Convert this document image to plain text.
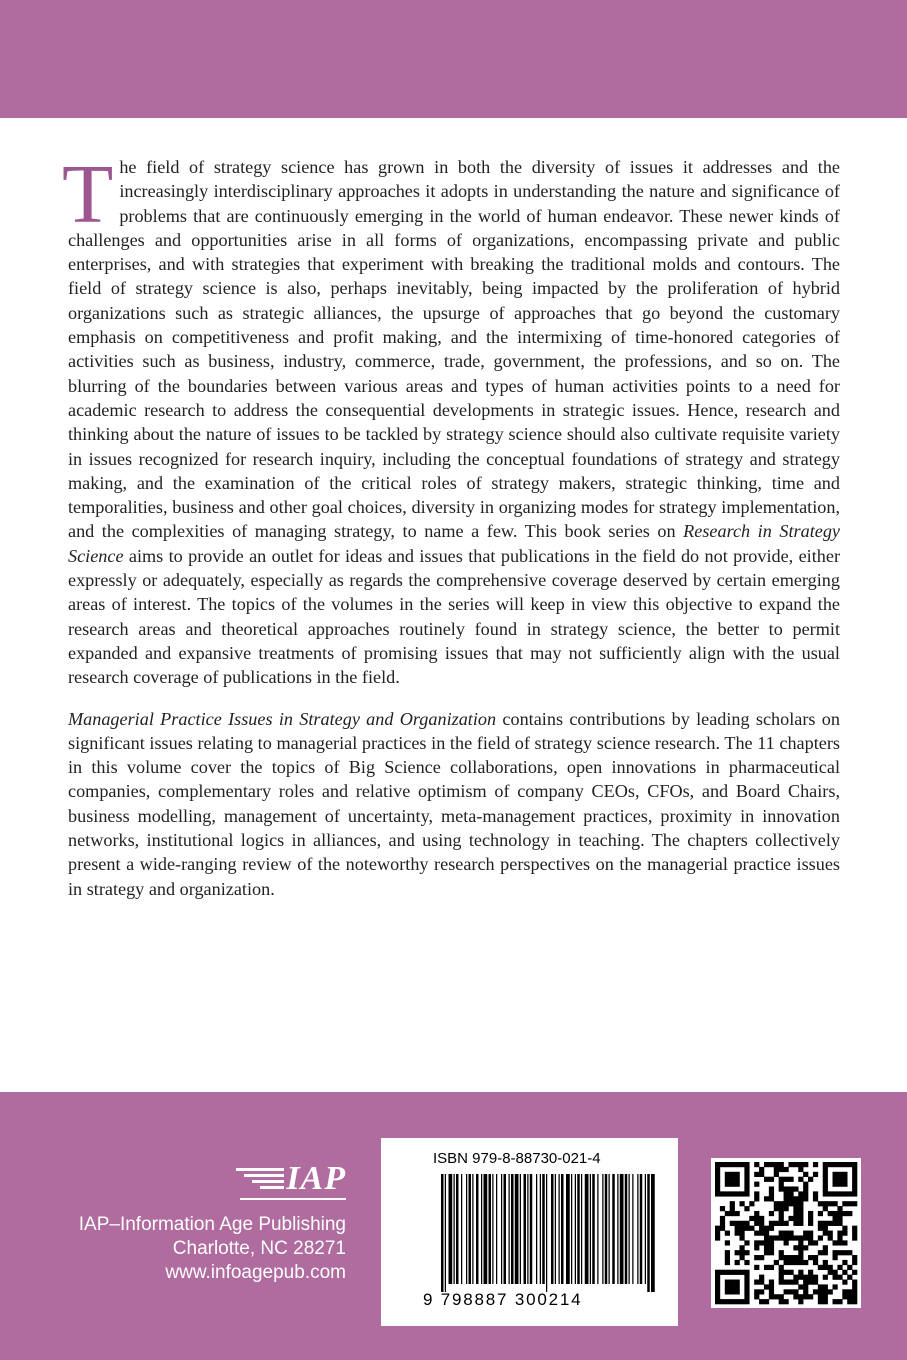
The field of strategy science has grown in both the diversity of issues it addresses and the increasingly interdisciplinary approaches it adopts in understanding the nature and significance of problems that are continuously emerging in the world of human endeavor. These newer kinds of challenges and opportunities arise in all forms of organizations, encompassing private and public enterprises, and with strategies that experiment with breaking the traditional molds and contours. The field of strategy science is also, perhaps inevitably, being impacted by the proliferation of hybrid organizations such as strategic alliances, the upsurge of approaches that go beyond the customary emphasis on competitiveness and profit making, and the intermixing of time-honored categories of activities such as business, industry, commerce, trade, government, the professions, and so on. The blurring of the boundaries between various areas and types of human activities points to a need for academic research to address the consequential developments in strategic issues. Hence, research and thinking about the nature of issues to be tackled by strategy science should also cultivate requisite variety in issues recognized for research inquiry, including the conceptual foundations of strategy and strategy making, and the examination of the critical roles of strategy makers, strategic thinking, time and temporalities, business and other goal choices, diversity in organizing modes for strategy implementation, and the complexities of managing strategy, to name a few. This book series on Research in Strategy Science aims to provide an outlet for ideas and issues that publications in the field do not provide, either expressly or adequately, especially as regards the comprehensive coverage deserved by certain emerging areas of interest. The topics of the volumes in the series will keep in view this objective to expand the research areas and theoretical approaches routinely found in strategy science, the better to permit expanded and expansive treatments of promising issues that may not sufficiently align with the usual research coverage of publications in the field.

Managerial Practice Issues in Strategy and Organization contains contributions by leading scholars on significant issues relating to managerial practices in the field of strategy science research. The 11 chapters in this volume cover the topics of Big Science collaborations, open innovations in pharmaceutical companies, complementary roles and relative optimism of company CEOs, CFOs, and Board Chairs, business modelling, management of uncertainty, meta-management practices, proximity in innovation networks, institutional logics in alliances, and using technology in teaching. The chapters collectively present a wide-ranging review of the noteworthy research perspectives on the managerial practice issues in strategy and organization.

IAP
IAP–Information Age Publishing
Charlotte, NC 28271
www.infoagepub.com
ISBN 979-8-88730-021-4
9 798887 300214
